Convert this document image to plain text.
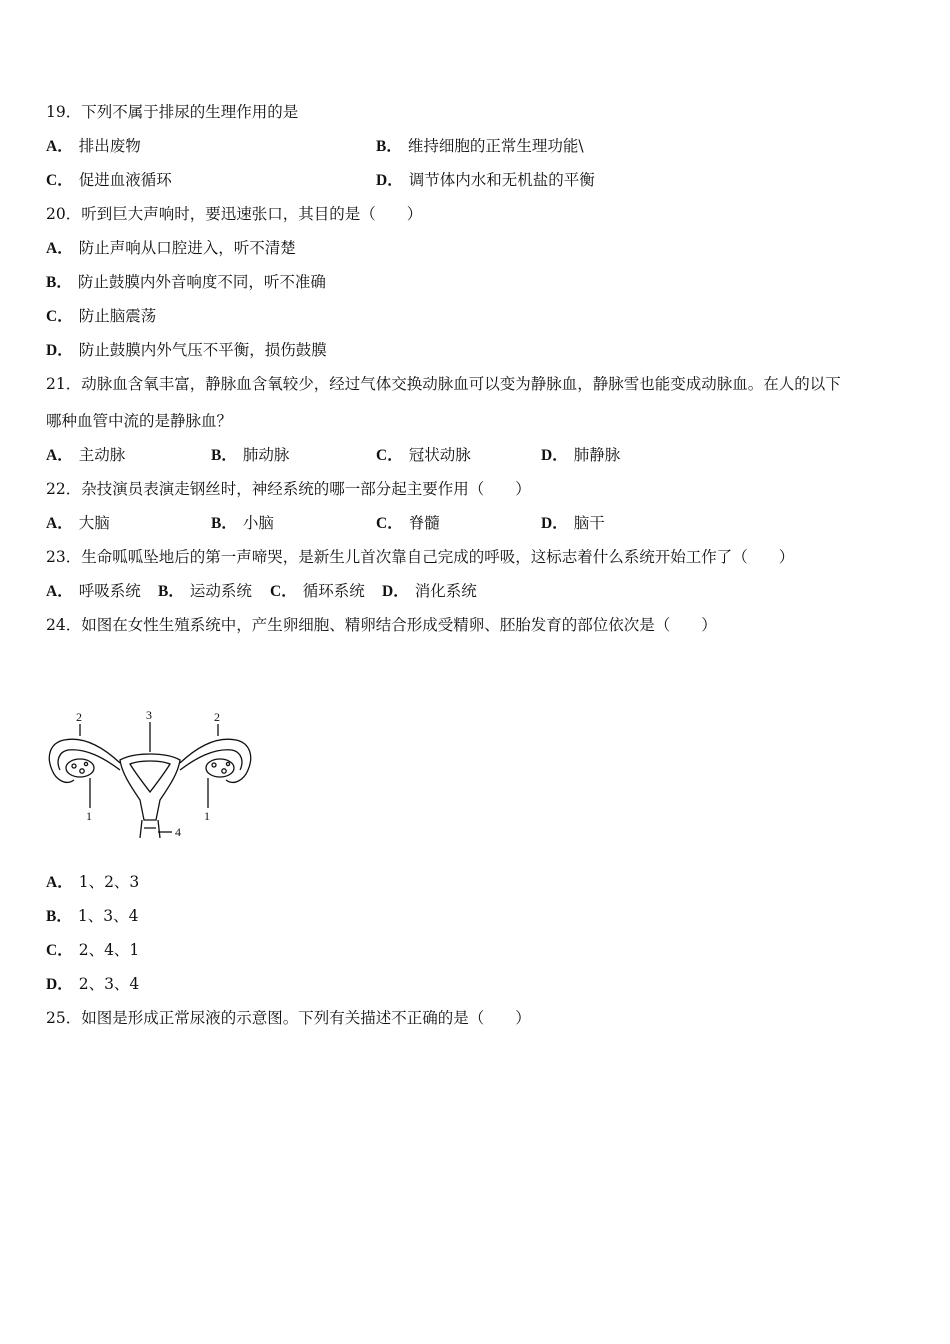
19．下列不属于排尿的生理作用的是
A． 排出废物	B． 维持细胞的正常生理功能\
C． 促进血液循环	D． 调节体内水和无机盐的平衡
20．听到巨大声响时，要迅速张口，其目的是（　　）
A． 防止声响从口腔进入，听不清楚
B． 防止鼓膜内外音响度不同，听不准确
C． 防止脑震荡
D． 防止鼓膜内外气压不平衡，损伤鼓膜
21．动脉血含氧丰富，静脉血含氧较少，经过气体交换动脉血可以变为静脉血，静脉雪也能变成动脉血。在人的以下
哪种血管中流的是静脉血？
A． 主动脉	B． 肺动脉	C． 冠状动脉	D． 肺静脉
22．杂技演员表演走钢丝时，神经系统的哪一部分起主要作用（　　）
A． 大脑	B． 小脑	C． 脊髓	D． 脑干
23．生命呱呱坠地后的第一声啼哭，是新生儿首次靠自己完成的呼吸，这标志着什么系统开始工作了（　　）
A． 呼吸系统 B． 运动系统 C． 循环系统 D． 消化系统
24．如图在女性生殖系统中，产生卵细胞、精卵结合形成受精卵、胚胎发育的部位依次是（　　）
2	3	2
1	1
4
A． 1、2、3
B． 1、3、4
C． 2、4、1
D． 2、3、4
25．如图是形成正常尿液的示意图。下列有关描述不正确的是（　　）
